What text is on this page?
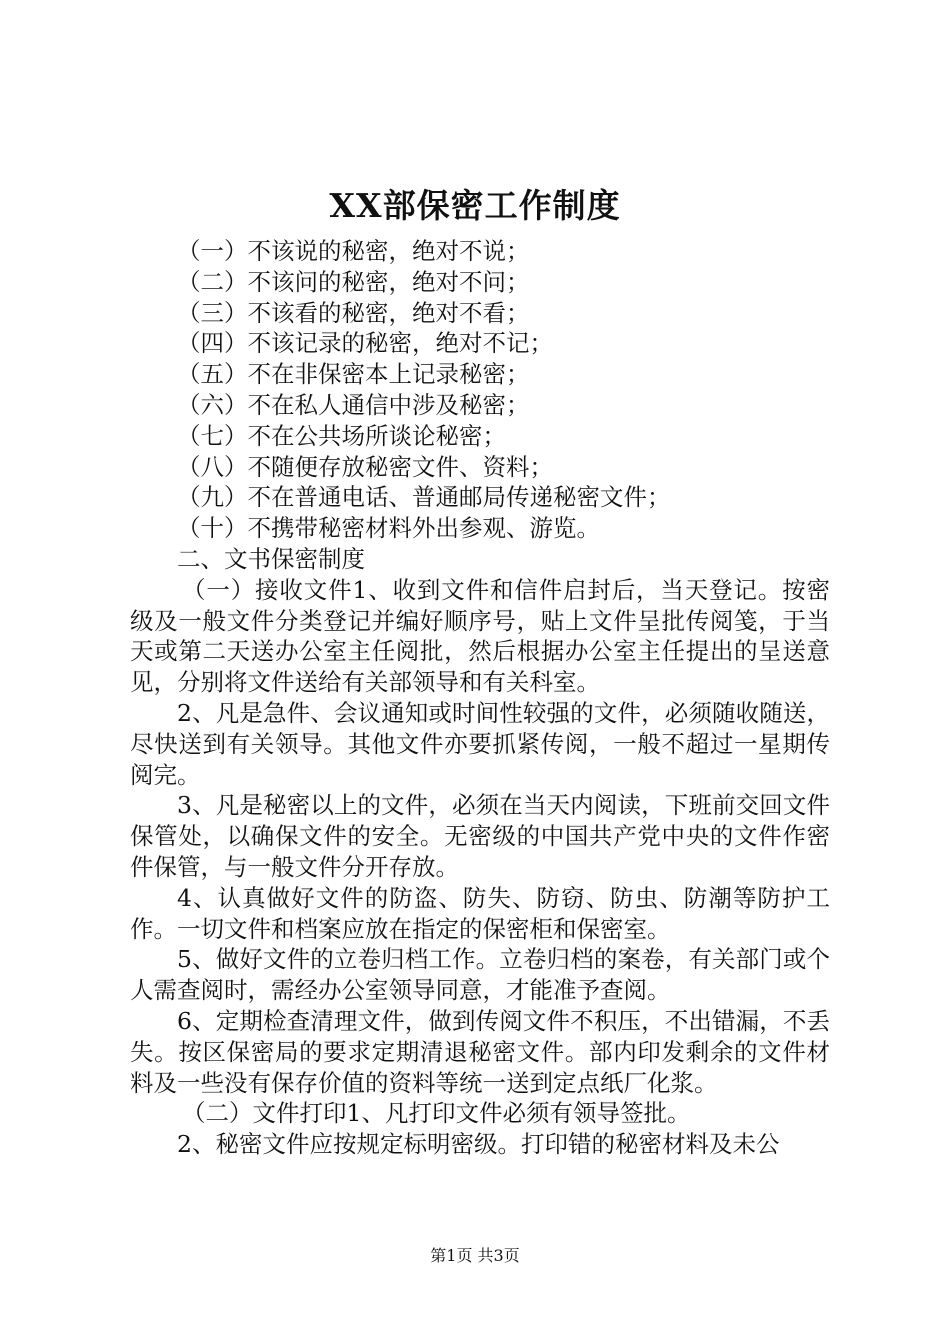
XX部保密工作制度
（一）不该说的秘密，绝对不说；
（二）不该问的秘密，绝对不问；
（三）不该看的秘密，绝对不看；
（四）不该记录的秘密，绝对不记；
（五）不在非保密本上记录秘密；
（六）不在私人通信中涉及秘密；
（七）不在公共场所谈论秘密；
（八）不随便存放秘密文件、资料；
（九）不在普通电话、普通邮局传递秘密文件；
（十）不携带秘密材料外出参观、游览。
二、文书保密制度
（一）接收文件1、收到文件和信件启封后，当天登记。按密级及一般文件分类登记并编好顺序号，贴上文件呈批传阅笺，于当天或第二天送办公室主任阅批，然后根据办公室主任提出的呈送意见，分别将文件送给有关部领导和有关科室。
2、凡是急件、会议通知或时间性较强的文件，必须随收随送，尽快送到有关领导。其他文件亦要抓紧传阅，一般不超过一星期传阅完。
3、凡是秘密以上的文件，必须在当天内阅读，下班前交回文件保管处，以确保文件的安全。无密级的中国共产党中央的文件作密件保管，与一般文件分开存放。
4、认真做好文件的防盗、防失、防窃、防虫、防潮等防护工作。一切文件和档案应放在指定的保密柜和保密室。
5、做好文件的立卷归档工作。立卷归档的案卷，有关部门或个人需查阅时，需经办公室领导同意，才能准予查阅。
6、定期检查清理文件，做到传阅文件不积压，不出错漏，不丢失。按区保密局的要求定期清退秘密文件。部内印发剩余的文件材料及一些没有保存价值的资料等统一送到定点纸厂化浆。
（二）文件打印1、凡打印文件必须有领导签批。
2、秘密文件应按规定标明密级。打印错的秘密材料及未公
第1页 共3页
